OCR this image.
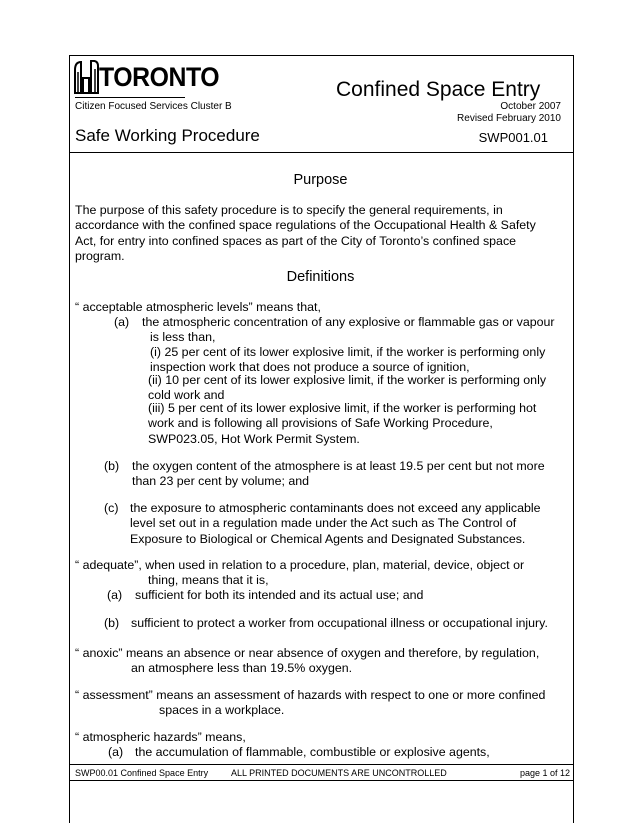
TORONTO
Citizen Focused Services Cluster B
Confined Space Entry
October 2007
Revised February 2010
Safe Working Procedure	SWP001.01
Purpose
The purpose of this safety procedure is to specify the general requirements, in
accordance with the confined space regulations of the Occupational Health & Safety
Act, for entry into confined spaces as part of the City of Toronto’s confined space
program.
Definitions
“ acceptable atmospheric levels” means that,
(a) the atmospheric concentration of any explosive or flammable gas or vapour
is less than,
(i) 25 per cent of its lower explosive limit, if the worker is performing only
inspection work that does not produce a source of ignition,
(ii) 10 per cent of its lower explosive limit, if the worker is performing only
cold work and
(iii) 5 per cent of its lower explosive limit, if the worker is performing hot
work and is following all provisions of Safe Working Procedure,
SWP023.05, Hot Work Permit System.
(b) the oxygen content of the atmosphere is at least 19.5 per cent but not more
than 23 per cent by volume; and
(c) the exposure to atmospheric contaminants does not exceed any applicable
level set out in a regulation made under the Act such as The Control of
Exposure to Biological or Chemical Agents and Designated Substances.
“ adequate”, when used in relation to a procedure, plan, material, device, object or
thing, means that it is,
(a) sufficient for both its intended and its actual use; and
(b) sufficient to protect a worker from occupational illness or occupational injury.
“ anoxic” means an absence or near absence of oxygen and therefore, by regulation,
an atmosphere less than 19.5% oxygen.
“ assessment” means an assessment of hazards with respect to one or more confined
spaces in a workplace.
“ atmospheric hazards” means,
(a) the accumulation of flammable, combustible or explosive agents,
SWP00.01 Confined Space Entry	ALL PRINTED DOCUMENTS ARE UNCONTROLLED	page 1 of 12
